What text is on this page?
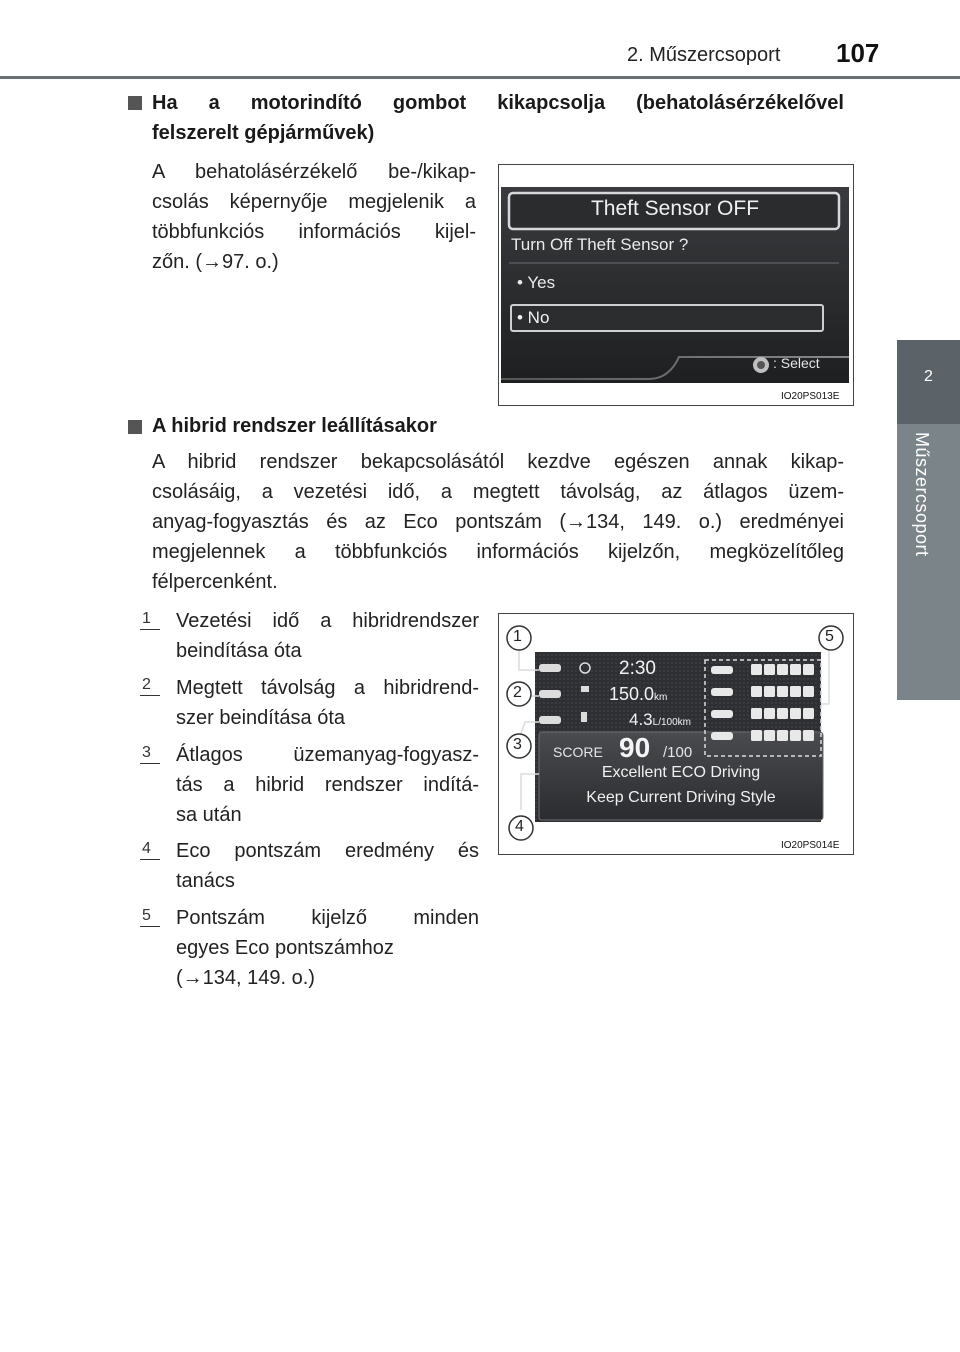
2. Műszercsoport 107
2
Műszercsoport
Ha a motorindító gombot kikapcsolja (behatolásérzékelővel
felszerelt gépjárművek)
A behatolásérzékelő be-/kikap-
csolás képernyője megjelenik a
többfunkciós információs kijel-
zőn. (→97. o.)
Theft Sensor OFF
Turn Off Theft Sensor ?
• Yes
• No
: Select
IO20PS013E
A hibrid rendszer leállításakor
A hibrid rendszer bekapcsolásától kezdve egészen annak kikap-
csolásáig, a vezetési idő, a megtett távolság, az átlagos üzem-
anyag-fogyasztás és az Eco pontszám (→134, 149. o.) eredményei
megjelennek a többfunkciós információs kijelzőn, megközelítőleg
félpercenként.
1 Vezetési idő a hibridrendszer
beindítása óta
2 Megtett távolság a hibridrend-
szer beindítása óta
3 Átlagos üzemanyag-fogyasz-
tás a hibrid rendszer indítá-
sa után
4 Eco pontszám eredmény és
tanács
5 Pontszám kijelző minden
egyes Eco pontszámhoz
(→134, 149. o.)
1
2
3
4
5
2:30
150.0km
4.3L/100km
SCORE 90 /100
Excellent ECO Driving
Keep Current Driving Style
IO20PS014E
